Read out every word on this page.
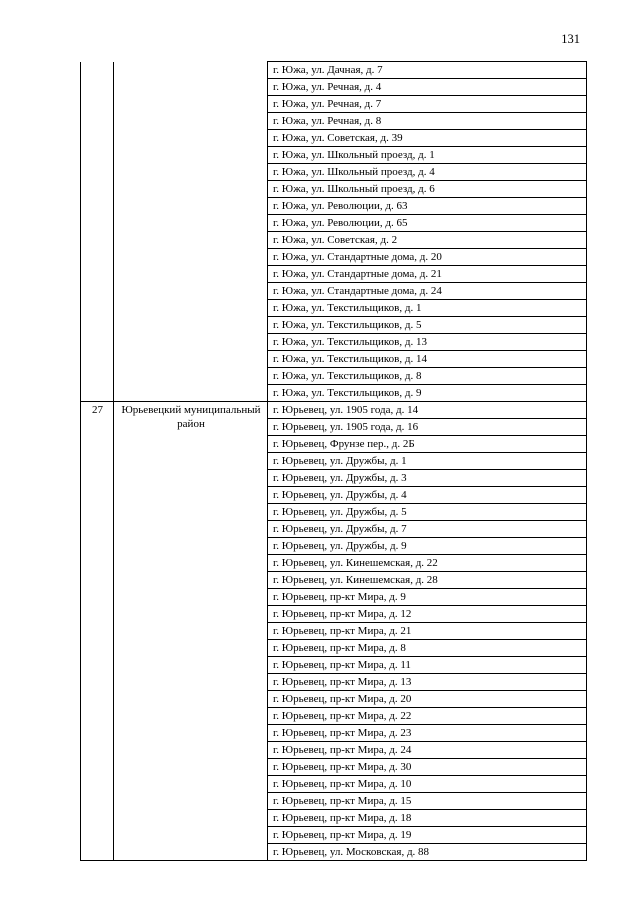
131
		г. Южа, ул. Дачная, д. 7
		г. Южа, ул. Речная, д. 4
		г. Южа, ул. Речная, д. 7
		г. Южа, ул. Речная, д. 8
		г. Южа, ул. Советская, д. 39
		г. Южа, ул. Школьный проезд, д. 1
		г. Южа, ул. Школьный проезд, д. 4
		г. Южа, ул. Школьный проезд, д. 6
		г. Южа, ул. Революции, д. 63
		г. Южа, ул. Революции, д. 65
		г. Южа, ул. Советская, д. 2
		г. Южа, ул. Стандартные дома, д. 20
		г. Южа, ул. Стандартные дома, д. 21
		г. Южа, ул. Стандартные дома, д. 24
		г. Южа, ул. Текстильщиков, д. 1
		г. Южа, ул. Текстильщиков, д. 5
		г. Южа, ул. Текстильщиков, д. 13
		г. Южа, ул. Текстильщиков, д. 14
		г. Южа, ул. Текстильщиков, д. 8
		г. Южа, ул. Текстильщиков, д. 9
27	Юрьевецкий муниципальный район	г. Юрьевец, ул. 1905 года, д. 14
		г. Юрьевец, ул. 1905 года, д. 16
		г. Юрьевец, Фрунзе пер., д. 2Б
		г. Юрьевец, ул. Дружбы, д. 1
		г. Юрьевец, ул. Дружбы, д. 3
		г. Юрьевец, ул. Дружбы, д. 4
		г. Юрьевец, ул. Дружбы, д. 5
		г. Юрьевец, ул. Дружбы, д. 7
		г. Юрьевец, ул. Дружбы, д. 9
		г. Юрьевец, ул. Кинешемская, д. 22
		г. Юрьевец, ул. Кинешемская, д. 28
		г. Юрьевец, пр-кт Мира, д. 9
		г. Юрьевец, пр-кт Мира, д. 12
		г. Юрьевец, пр-кт Мира, д. 21
		г. Юрьевец, пр-кт Мира, д. 8
		г. Юрьевец, пр-кт Мира, д. 11
		г. Юрьевец, пр-кт Мира, д. 13
		г. Юрьевец, пр-кт Мира, д. 20
		г. Юрьевец, пр-кт Мира, д. 22
		г. Юрьевец, пр-кт Мира, д. 23
		г. Юрьевец, пр-кт Мира, д. 24
		г. Юрьевец, пр-кт Мира, д. 30
		г. Юрьевец, пр-кт Мира, д. 10
		г. Юрьевец, пр-кт Мира, д. 15
		г. Юрьевец, пр-кт Мира, д. 18
		г. Юрьевец, пр-кт Мира, д. 19
		г. Юрьевец, ул. Московская, д. 88
